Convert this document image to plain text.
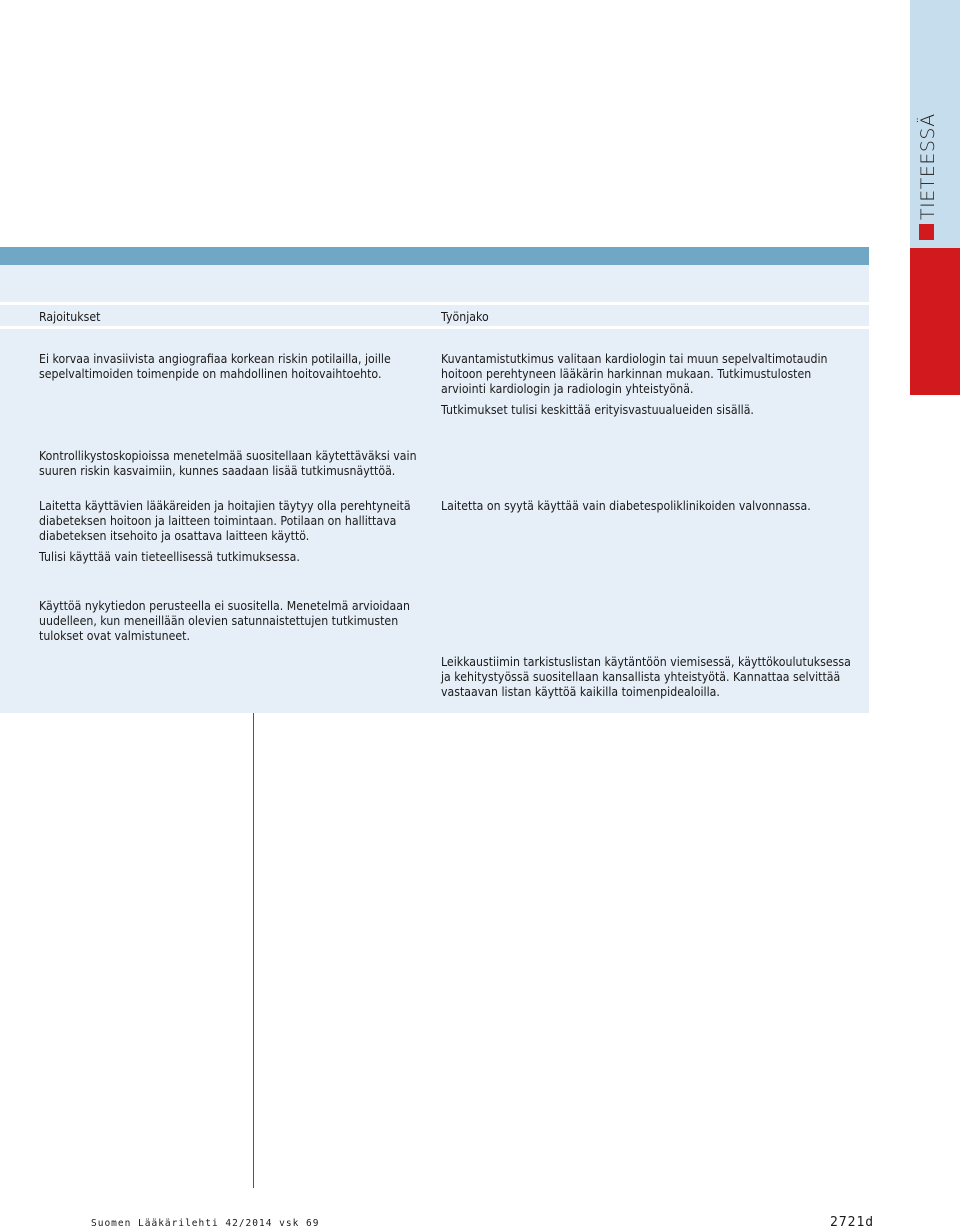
TIETEESSÄ
Rajoitukset	Työnjako

Ei korvaa invasiivista angiografiaa korkean riskin potilailla, joille sepelvaltimoiden toimenpide on mahdollinen hoitovaihtoehto.

Kuvantamistutkimus valitaan kardiologin tai muun sepelvaltimotaudin hoitoon perehtyneen lääkärin harkinnan mukaan. Tutkimustulosten arviointi kardiologin ja radiologin yhteistyönä.

Tutkimukset tulisi keskittää erityisvastuualueiden sisällä.

Kontrollikystoskopioissa menetelmää suositellaan käytettäväksi vain suuren riskin kasvaimiin, kunnes saadaan lisää tutkimusnäyttöä.

Laitetta käyttävien lääkäreiden ja hoitajien täytyy olla perehtyneitä diabeteksen hoitoon ja laitteen toimintaan. Potilaan on hallittava diabeteksen itsehoito ja osattava laitteen käyttö.

Tulisi käyttää vain tieteellisessä tutkimuksessa.

Laitetta on syytä käyttää vain diabetespoliklinikoiden valvonnassa.

Käyttöä nykytiedon perusteella ei suositella. Menetelmä arvioidaan uudelleen, kun meneillään olevien satunnaistettujen tutkimusten tulokset ovat valmistuneet.

Leikkaustiimin tarkistuslistan käytäntöön viemisessä, käyttökoulutuksessa ja kehitystyössä suositellaan kansallista yhteistyötä. Kannattaa selvittää vastaavan listan käyttöä kaikilla toimenpidealoilla.

Suomen Lääkärilehti 42/2014 vsk 69	2721d
